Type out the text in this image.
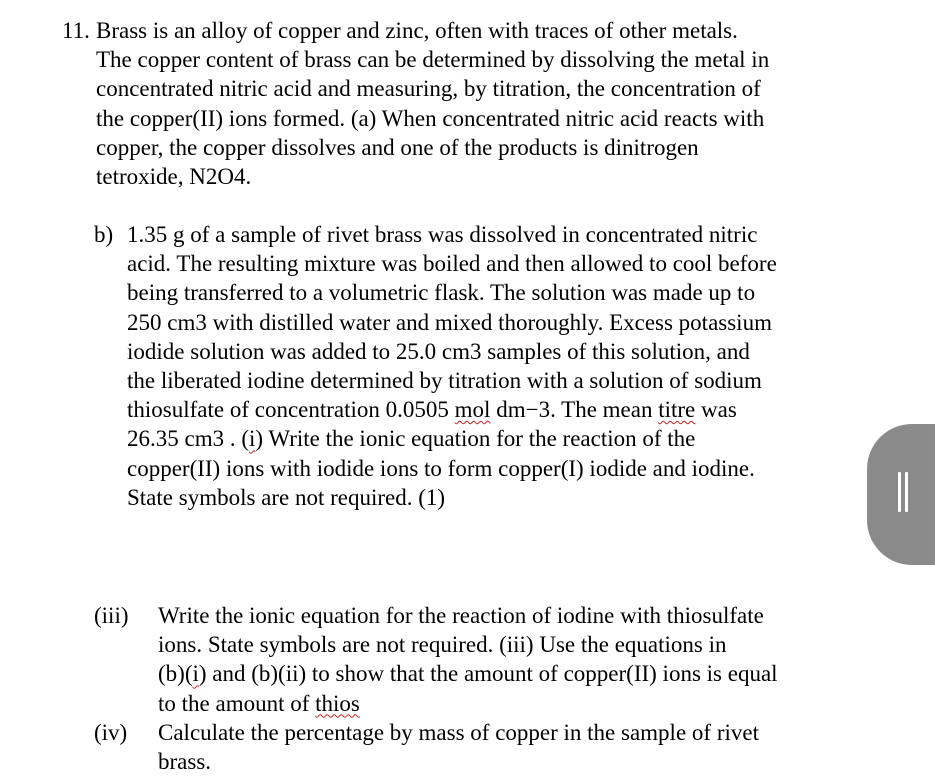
11. Brass is an alloy of copper and zinc, often with traces of other metals.
The copper content of brass can be determined by dissolving the metal in
concentrated nitric acid and measuring, by titration, the concentration of
the copper(II) ions formed. (a) When concentrated nitric acid reacts with
copper, the copper dissolves and one of the products is dinitrogen
tetroxide, N2O4.
b) 1.35 g of a sample of rivet brass was dissolved in concentrated nitric
acid. The resulting mixture was boiled and then allowed to cool before
being transferred to a volumetric flask. The solution was made up to
250 cm3 with distilled water and mixed thoroughly. Excess potassium
iodide solution was added to 25.0 cm3 samples of this solution, and
the liberated iodine determined by titration with a solution of sodium
thiosulfate of concentration 0.0505 mol dm−3. The mean titre was
26.35 cm3 . (i) Write the ionic equation for the reaction of the
copper(II) ions with iodide ions to form copper(I) iodide and iodine.
State symbols are not required. (1)
(iii) Write the ionic equation for the reaction of iodine with thiosulfate
ions. State symbols are not required. (iii) Use the equations in
(b)(i) and (b)(ii) to show that the amount of copper(II) ions is equal
to the amount of thios
(iv) Calculate the percentage by mass of copper in the sample of rivet
brass.
